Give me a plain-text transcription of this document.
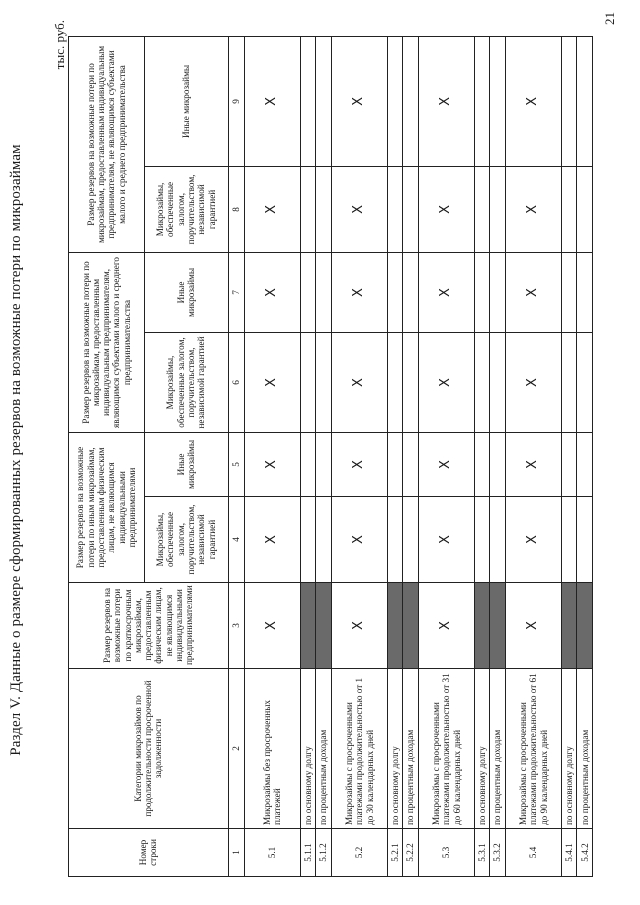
Раздел V. Данные о размере сформированных резервов на возможные потери по микрозаймам
тыс. руб.
Номер строки	Категории микрозаймов по продолжительности просроченной задолженности	Размер резервов на возможные потери по краткосрочным микрозаймам, предоставленным физическим лицам, не являющимся индивидуальными предпринимателями	Размер резервов на возможные потери по иным микрозаймам, предоставленным физическим лицам, не являющимся индивидуальными предпринимателями		Размер резервов на возможные потери по микрозаймам, предоставленным индивидуальным предпринимателям, являющимся субъектами малого и среднего предпринимательства		Размер резервов на возможные потери по микрозаймам, предоставленным индивидуальным предпринимателям, не являющимся субъектами малого и среднего предпринимательства	
			Микрозаймы, обеспеченные залогом, поручительством, независимой гарантией	Иные микрозаймы	Микрозаймы, обеспеченные залогом, поручительством, независимой гарантией	Иные микрозаймы	Микрозаймы, обеспеченные залогом, поручительством, независимой гарантией	Иные микрозаймы
1	2	3	4	5	6	7	8	9
5.1	Микрозаймы без просроченных платежей	X	X	X	X	X	X	X
5.1.1	по основному долгу							
5.1.2	по процентным доходам							
5.2	Микрозаймы с просроченными платежами продолжительностью от 1 до 30 календарных дней	X	X	X	X	X	X	X
5.2.1	по основному долгу							
5.2.2	по процентным доходам							
5.3	Микрозаймы с просроченными платежами продолжительностью от 31 до 60 календарных дней	X	X	X	X	X	X	X
5.3.1	по основному долгу							
5.3.2	по процентным доходам							
5.4	Микрозаймы с просроченными платежами продолжительностью от 61 до 90 календарных дней	X	X	X	X	X	X	X
5.4.1	по основному долгу							
5.4.2	по процентным доходам							
21
